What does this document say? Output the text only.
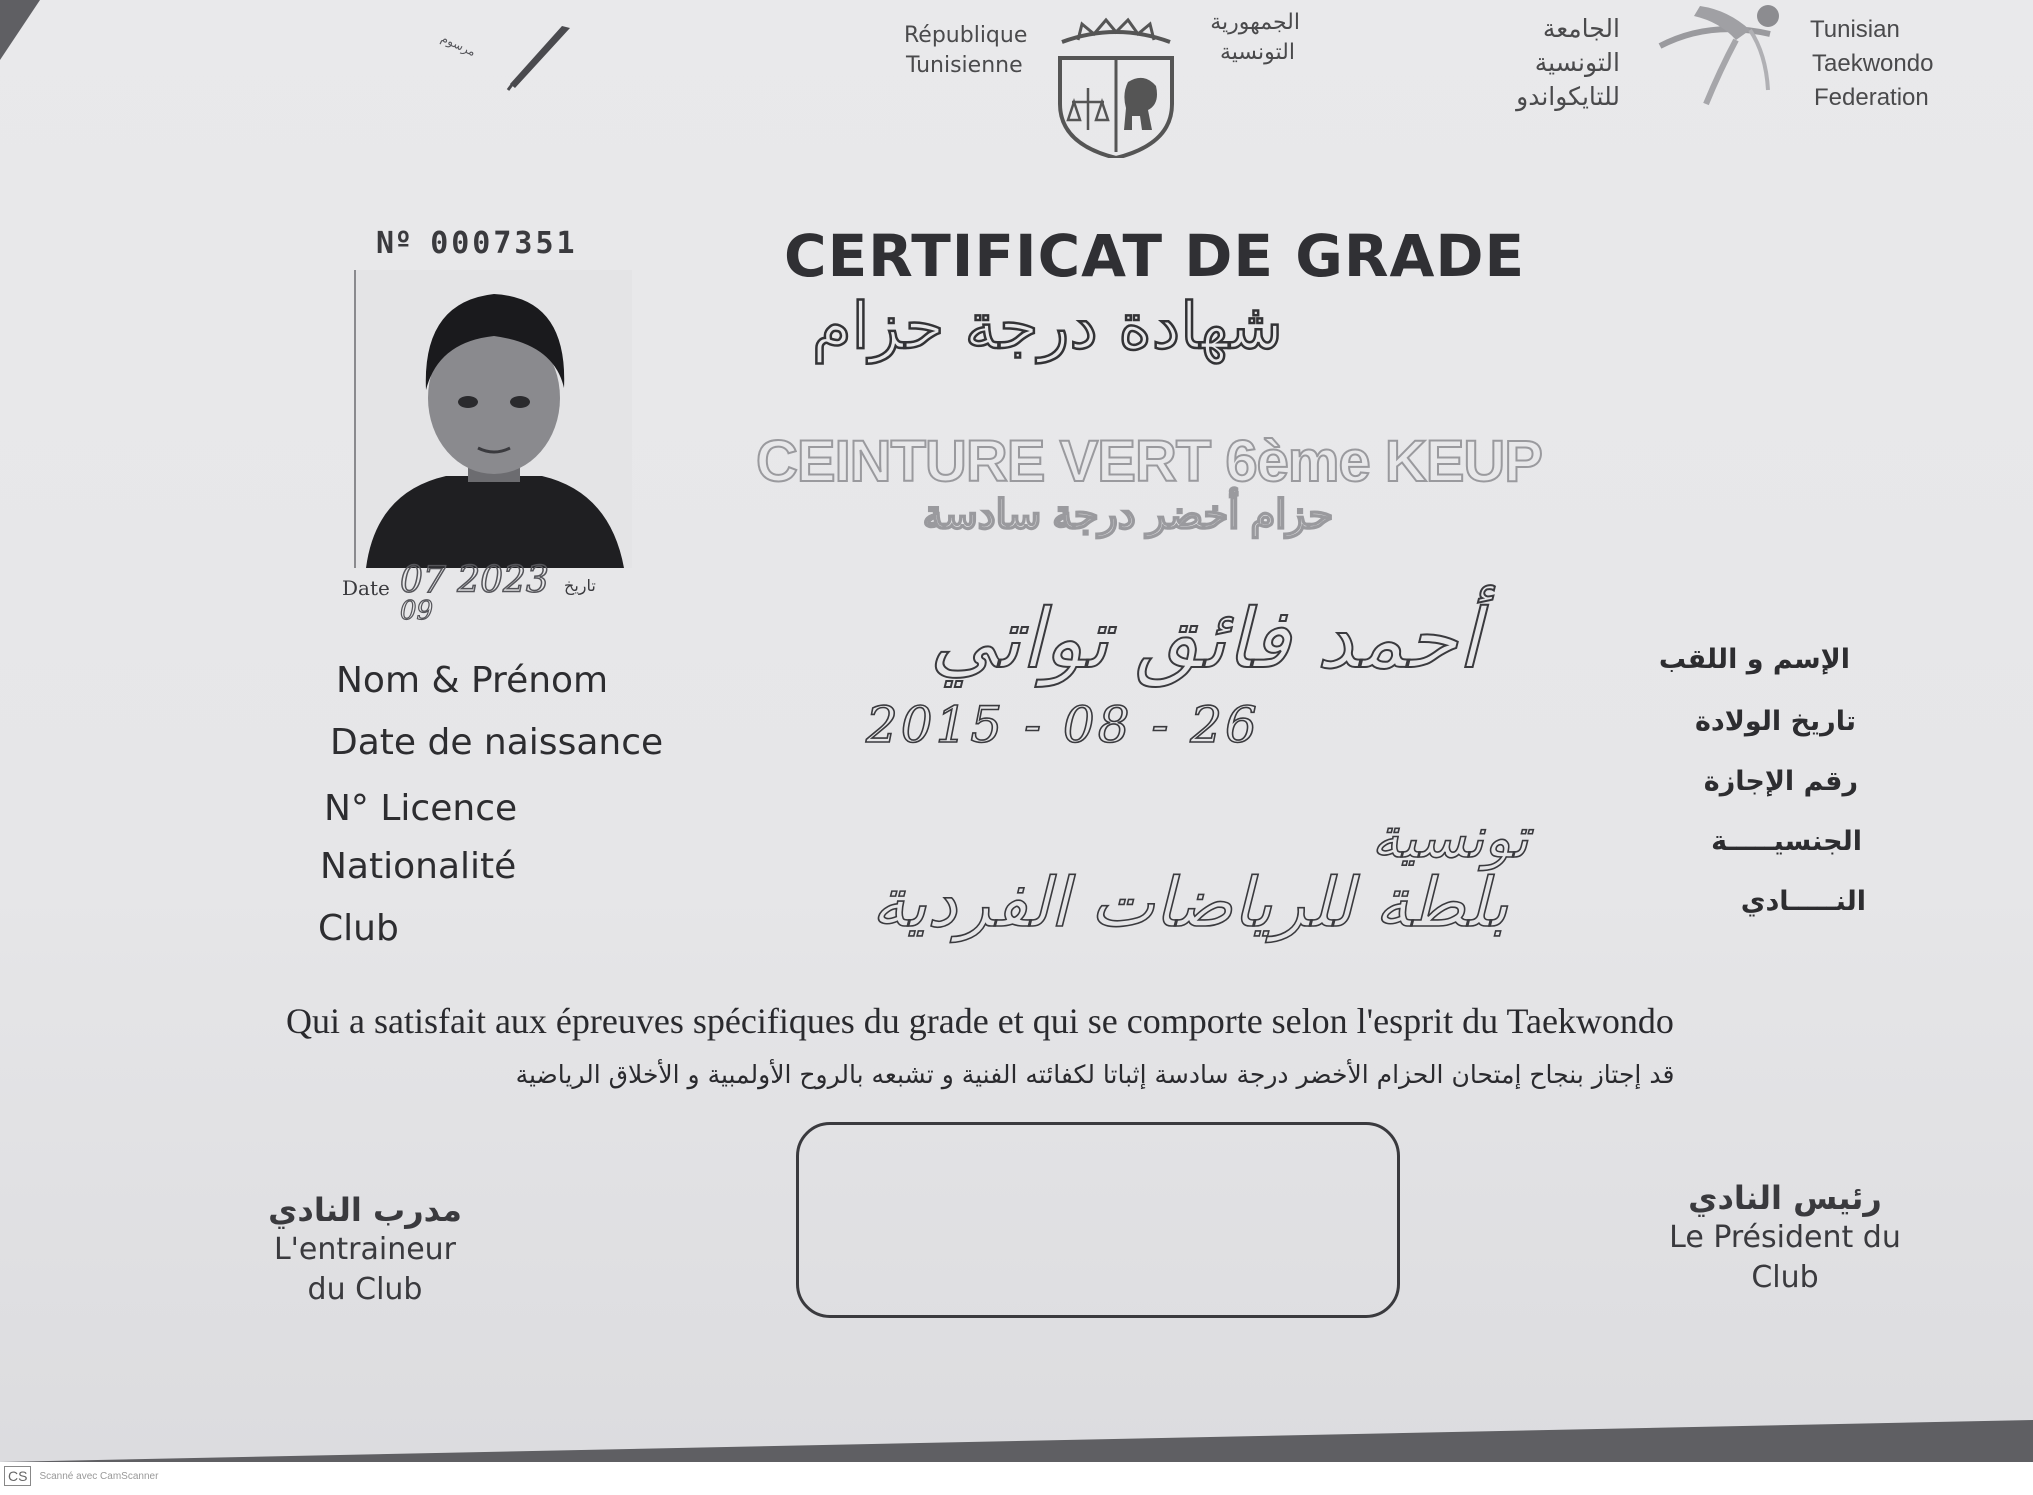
مرسوم	République
Tunisienne
الجمهورية
التونسية
الجامعة
التونسية
للتايكواندو
Tunisian
Taekwondo
Federation
Nº 0007351
Date 07 2023
09
تاريخ
CERTIFICAT DE GRADE
شهادة درجة حزام
CEINTURE VERT 6ème KEUP
حزام أخضر درجة سادسة
Nom & Prénom
Date de naissance
N° Licence
Nationalité
Club
الإسم و اللقب
تاريخ الولادة
رقم الإجازة
الجنسيـــــة
النـــــادي
أحمد فائق تواتي
2015 - 08 - 26
تونسية
بلطة للرياضات الفردية
Qui a satisfait aux épreuves spécifiques du grade et qui se comporte selon l'esprit du Taekwondo
قد إجتاز بنجاح إمتحان الحزام الأخضر درجة سادسة إثباتا لكفائته الفنية و تشبعه بالروح الأولمبية و الأخلاق الرياضية
مدرب النادي
L'entraineur
du Club
رئيس النادي
Le Président du
Club
CS	Scanné avec CamScanner
